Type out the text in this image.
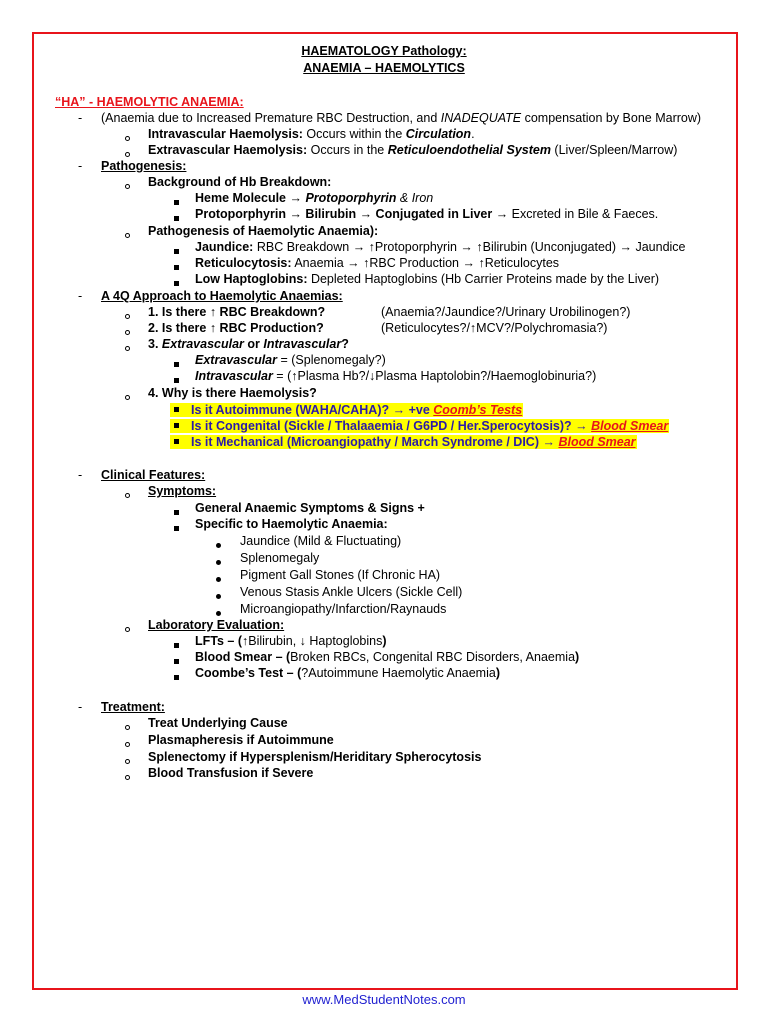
HAEMATOLOGY Pathology:
ANAEMIA – HAEMOLYTICS
“HA” - HAEMOLYTIC ANAEMIA:
- (Anaemia due to Increased Premature RBC Destruction, and INADEQUATE compensation by Bone Marrow)
Intravascular Haemolysis: Occurs within the Circulation.
Extravascular Haemolysis: Occurs in the Reticuloendothelial System (Liver/Spleen/Marrow)
- Pathogenesis:
Background of Hb Breakdown:
Heme Molecule → Protoporphyrin & Iron
Protoporphyrin → Bilirubin → Conjugated in Liver → Excreted in Bile & Faeces.
Pathogenesis of Haemolytic Anaemia):
Jaundice: RBC Breakdown → ↑Protoporphyrin → ↑Bilirubin (Unconjugated) → Jaundice
Reticulocytosis: Anaemia → ↑RBC Production → ↑Reticulocytes
Low Haptoglobins: Depleted Haptoglobins (Hb Carrier Proteins made by the Liver)
- A 4Q Approach to Haemolytic Anaemias:
1. Is there ↑ RBC Breakdown?	(Anaemia?/Jaundice?/Urinary Urobilinogen?)
2. Is there ↑ RBC Production?	(Reticulocytes?/↑MCV?/Polychromasia?)
3. Extravascular or Intravascular?
Extravascular = (Splenomegaly?)
Intravascular = (↑Plasma Hb?/↓Plasma Haptolobin?/Haemoglobinuria?)
4. Why is there Haemolysis?
Is it Autoimmune (WAHA/CAHA)? → +ve Coomb’s Tests
Is it Congenital (Sickle / Thalaaemia / G6PD / Her.Sperocytosis)? → Blood Smear
Is it Mechanical (Microangiopathy / March Syndrome / DIC) → Blood Smear
- Clinical Features:
Symptoms:
General Anaemic Symptoms & Signs +
Specific to Haemolytic Anaemia:
Jaundice (Mild & Fluctuating)
Splenomegaly
Pigment Gall Stones (If Chronic HA)
Venous Stasis Ankle Ulcers (Sickle Cell)
Microangiopathy/Infarction/Raynauds
Laboratory Evaluation:
LFTs – (↑Bilirubin, ↓ Haptoglobins)
Blood Smear – (Broken RBCs, Congenital RBC Disorders, Anaemia)
Coombe’s Test – (?Autoimmune Haemolytic Anaemia)
- Treatment:
Treat Underlying Cause
Plasmapheresis if Autoimmune
Splenectomy if Hypersplenism/Heriditary Spherocytosis
Blood Transfusion if Severe
www.MedStudentNotes.com
